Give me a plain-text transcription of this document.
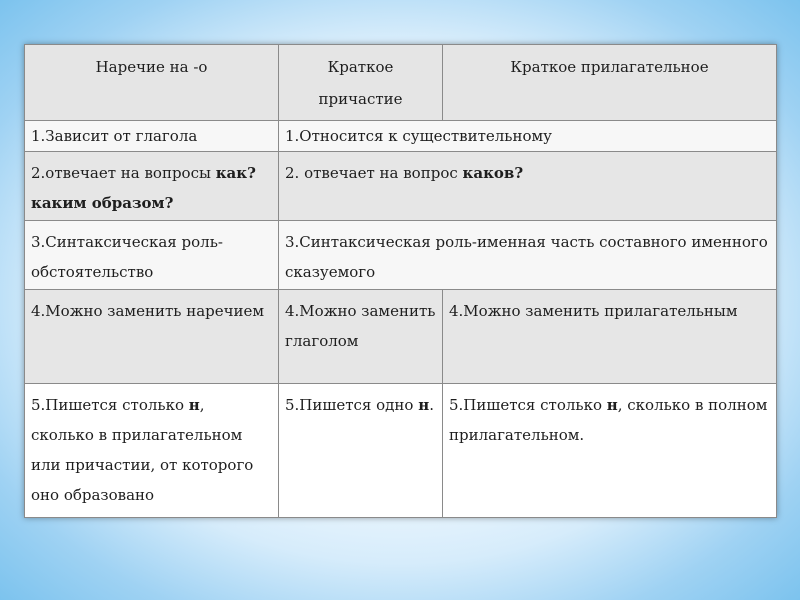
Наречие на -о	Краткое причастие	Краткое прилагательное
1.Зависит от глагола	1.Относится к существительному	
2.отвечает на вопросы как? каким образом?	2. отвечает на вопрос каков?	
3.Синтаксическая роль-обстоятельство	3.Синтаксическая роль-именная часть составного именного сказуемого	
4.Можно заменить наречием	4.Можно заменить глаголом	4.Можно заменить прилагательным
5.Пишется столько н, сколько в прилагательном или причастии, от которого оно образовано	5.Пишется одно н.	5.Пишется столько н, сколько в полном прилагательном.
